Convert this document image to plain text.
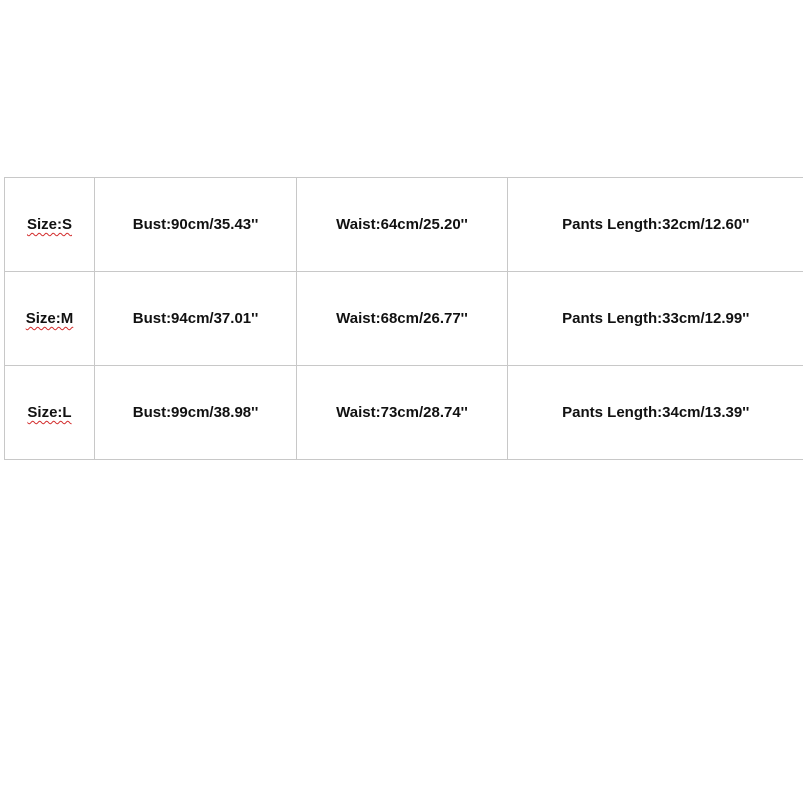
Size:S	Bust:90cm/35.43''	Waist:64cm/25.20''	Pants Length:32cm/12.60''
Size:M	Bust:94cm/37.01''	Waist:68cm/26.77''	Pants Length:33cm/12.99''
Size:L	Bust:99cm/38.98''	Waist:73cm/28.74''	Pants Length:34cm/13.39''
